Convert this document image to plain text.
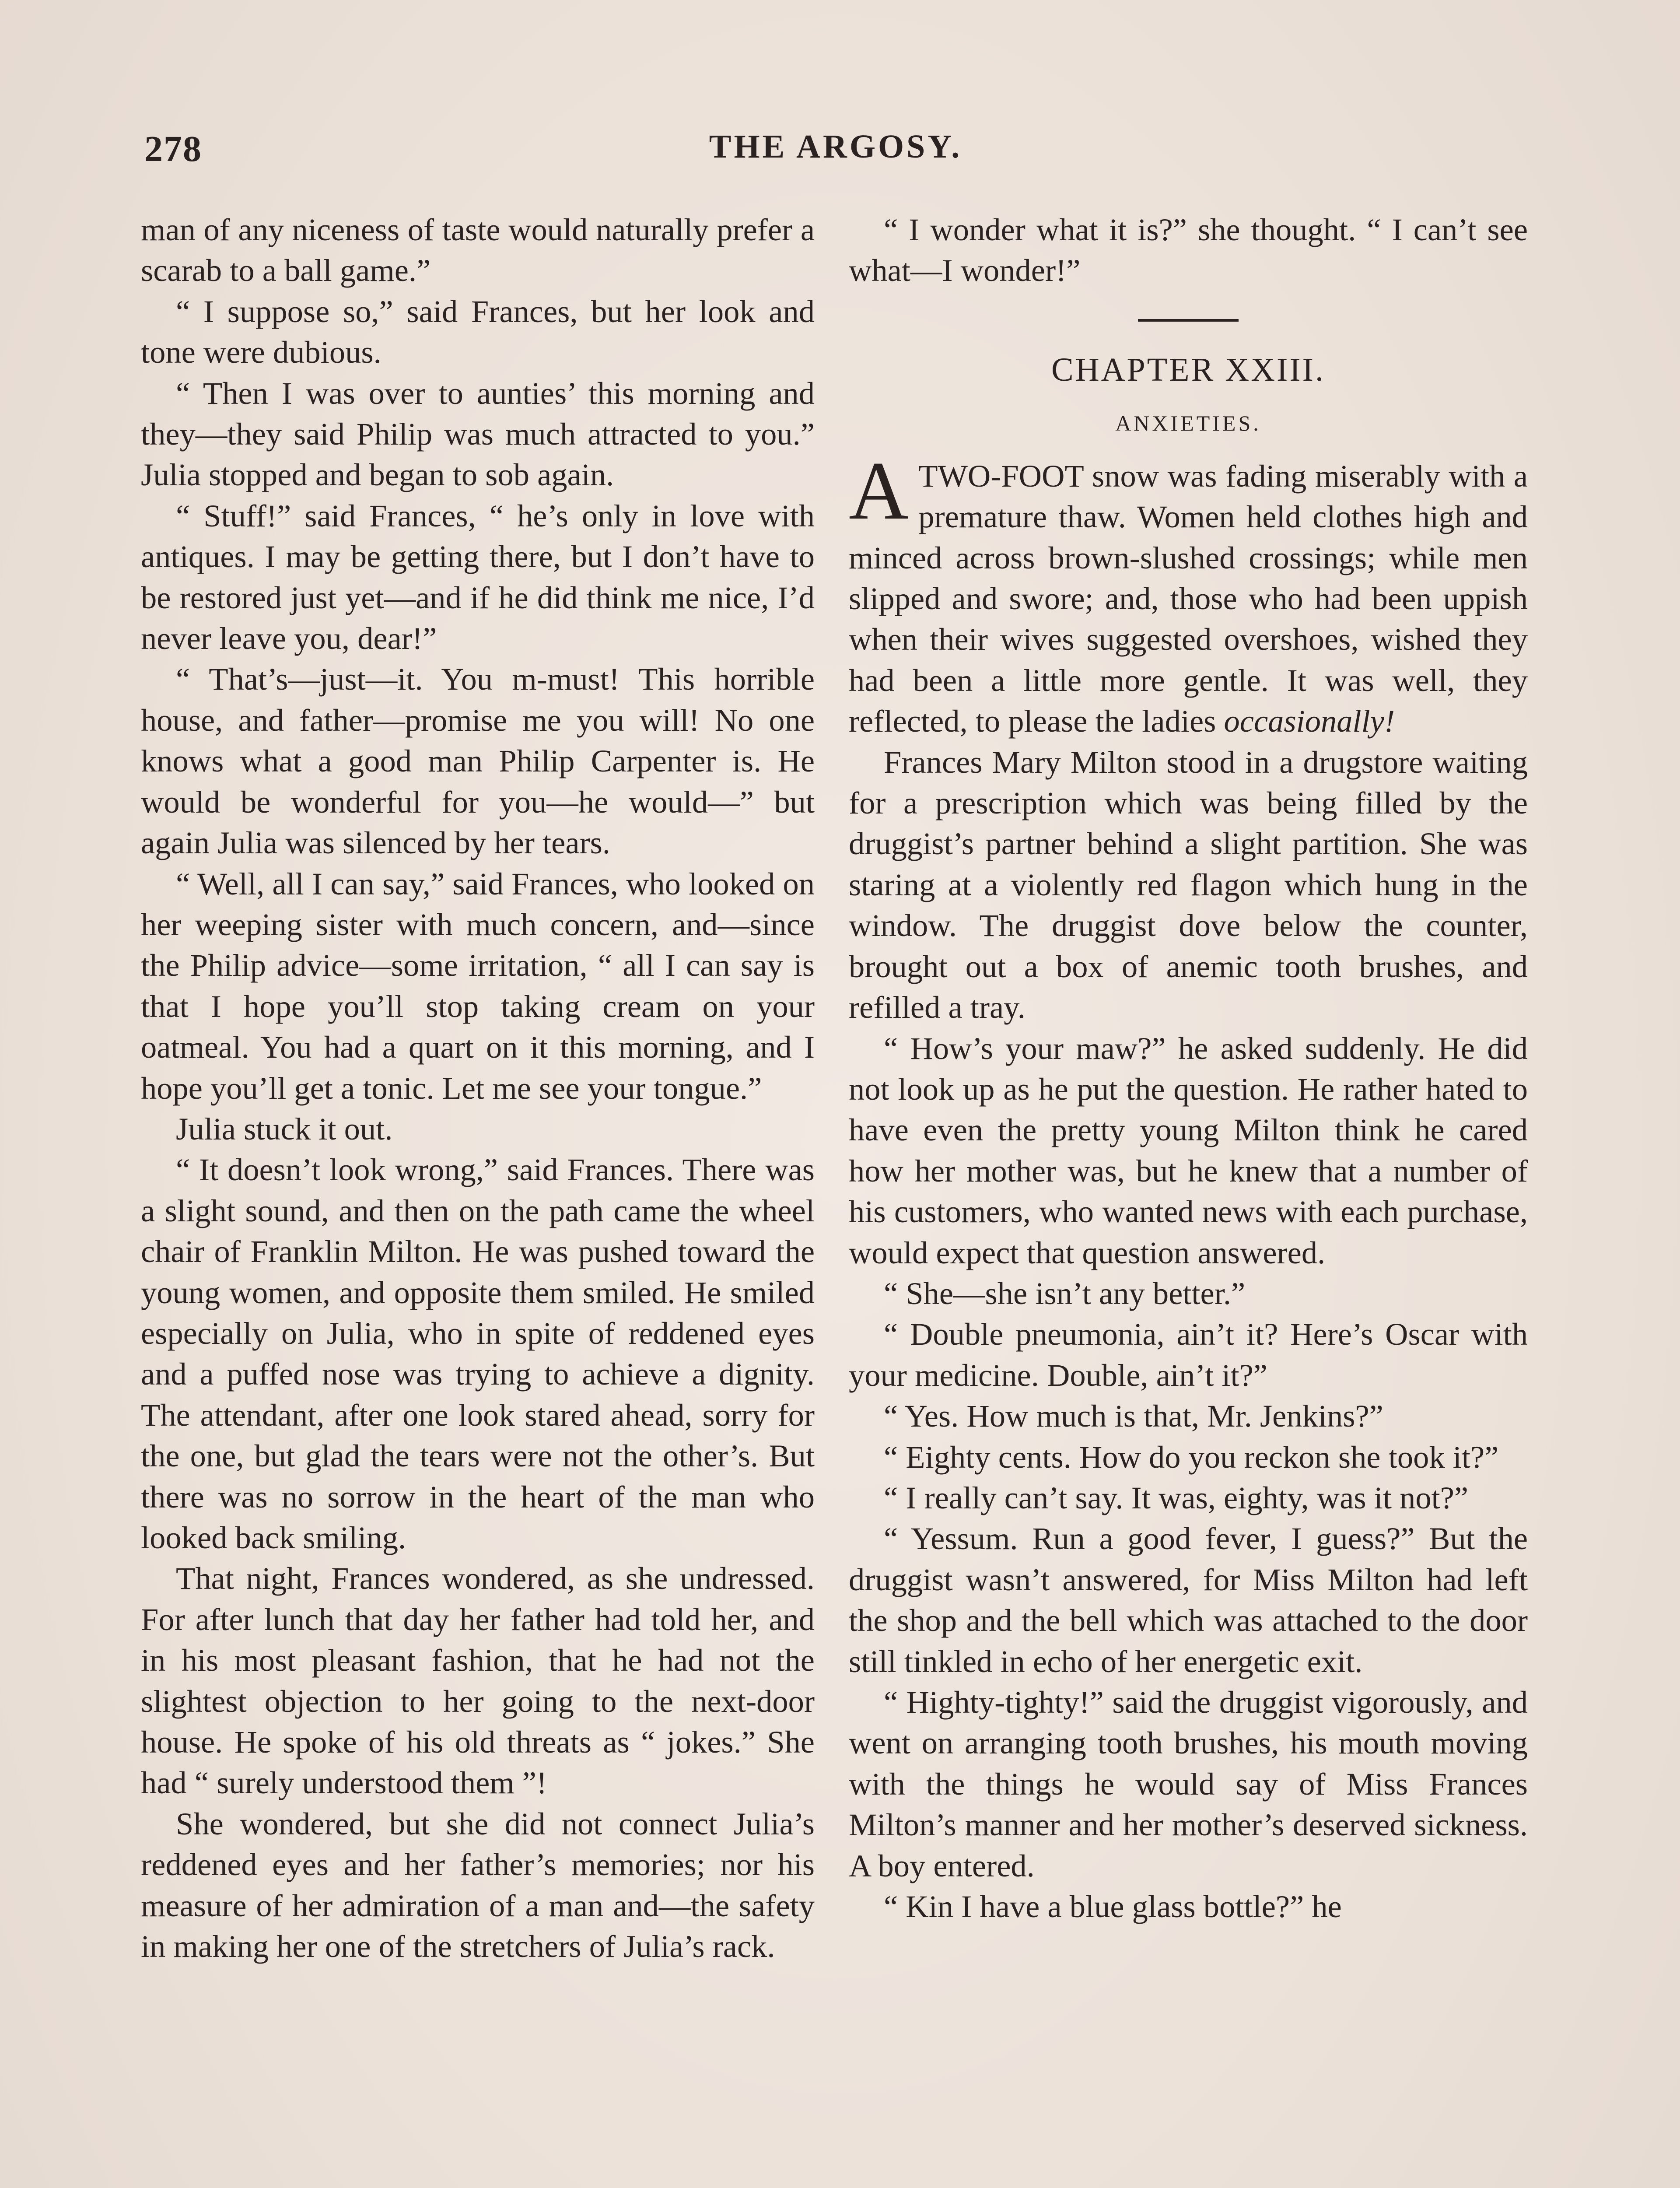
278	THE ARGOSY.

man of any niceness of taste would naturally prefer a scarab to a ball game.”

“ I suppose so,” said Frances, but her look and tone were dubious.

“ Then I was over to aunties’ this morning and they—they said Philip was much attracted to you.” Julia stopped and began to sob again.

“ Stuff!” said Frances, “ he’s only in love with antiques. I may be getting there, but I don’t have to be restored just yet—and if he did think me nice, I’d never leave you, dear!”

“ That’s—just—it. You m-must! This horrible house, and father—promise me you will! No one knows what a good man Philip Carpenter is. He would be wonderful for you—he would—” but again Julia was silenced by her tears.

“ Well, all I can say,” said Frances, who looked on her weeping sister with much concern, and—since the Philip advice—some irritation, “ all I can say is that I hope you’ll stop taking cream on your oatmeal. You had a quart on it this morning, and I hope you’ll get a tonic. Let me see your tongue.”

Julia stuck it out.

“ It doesn’t look wrong,” said Frances. There was a slight sound, and then on the path came the wheel chair of Franklin Milton. He was pushed toward the young women, and opposite them smiled. He smiled especially on Julia, who in spite of reddened eyes and a puffed nose was trying to achieve a dignity. The attendant, after one look stared ahead, sorry for the one, but glad the tears were not the other’s. But there was no sorrow in the heart of the man who looked back smiling.

That night, Frances wondered, as she undressed. For after lunch that day her father had told her, and in his most pleasant fashion, that he had not the slightest objection to her going to the next-door house. He spoke of his old threats as “ jokes.” She had “ surely understood them ”!

She wondered, but she did not connect Julia’s reddened eyes and her father’s memories; nor his measure of her admiration of a man and—the safety in making her one of the stretchers of Julia’s rack.

“ I wonder what it is?” she thought. “ I can’t see what—I wonder!”

CHAPTER XXIII.
ANXIETIES.

ATWO-FOOT snow was fading miserably with a premature thaw. Women held clothes high and minced across brown-slushed crossings; while men slipped and swore; and, those who had been uppish when their wives suggested overshoes, wished they had been a little more gentle. It was well, they reflected, to please the ladies occasionally!

Frances Mary Milton stood in a drugstore waiting for a prescription which was being filled by the druggist’s partner behind a slight partition. She was staring at a violently red flagon which hung in the window. The druggist dove below the counter, brought out a box of anemic tooth brushes, and refilled a tray.

“ How’s your maw?” he asked suddenly. He did not look up as he put the question. He rather hated to have even the pretty young Milton think he cared how her mother was, but he knew that a number of his customers, who wanted news with each purchase, would expect that question answered.

“ She—she isn’t any better.”

“ Double pneumonia, ain’t it? Here’s Oscar with your medicine. Double, ain’t it?”

“ Yes. How much is that, Mr. Jenkins?”

“ Eighty cents. How do you reckon she took it?”

“ I really can’t say. It was, eighty, was it not?”

“ Yessum. Run a good fever, I guess?” But the druggist wasn’t answered, for Miss Milton had left the shop and the bell which was attached to the door still tinkled in echo of her energetic exit.

“ Highty-tighty!” said the druggist vigorously, and went on arranging tooth brushes, his mouth moving with the things he would say of Miss Frances Milton’s manner and her mother’s deserved sickness. A boy entered.

“ Kin I have a blue glass bottle?” he
